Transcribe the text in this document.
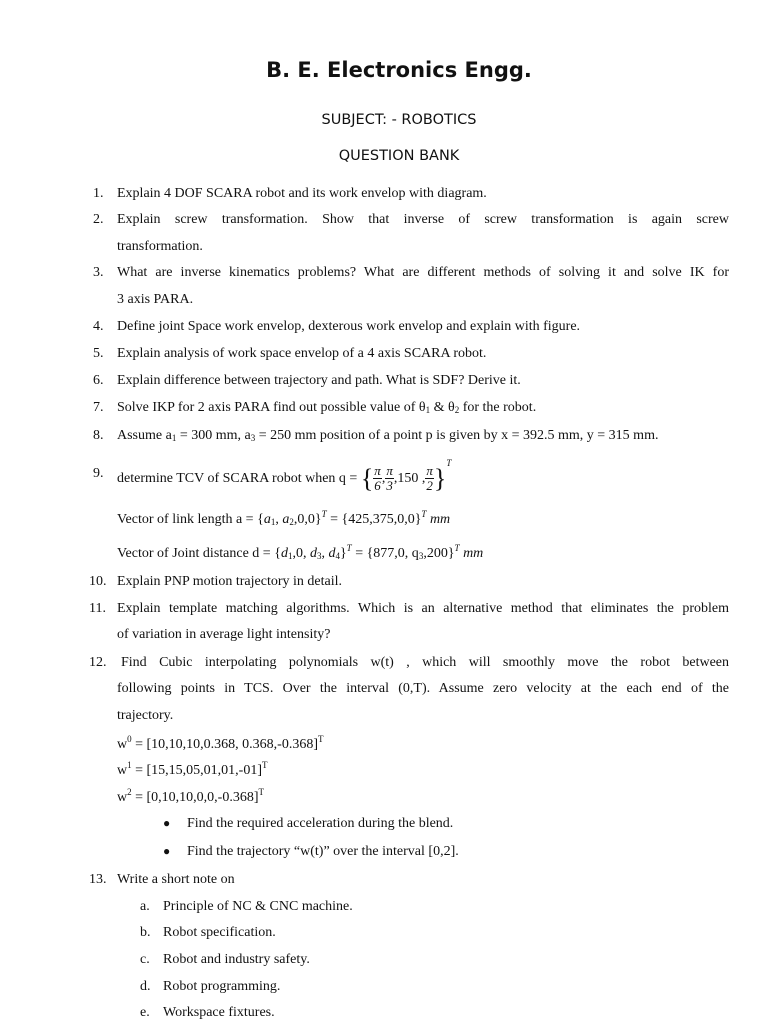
B. E. Electronics Engg.
SUBJECT: - ROBOTICS
QUESTION BANK
1. Explain 4 DOF SCARA robot and its work envelop with diagram.
2. Explain screw transformation. Show that inverse of screw transformation is again screw
transformation.
3. What are inverse kinematics problems? What are different methods of solving it and solve IK for
3 axis PARA.
4. Define joint Space work envelop, dexterous work envelop and explain with figure.
5. Explain analysis of work space envelop of a 4 axis SCARA robot.
6. Explain difference between trajectory and path. What is SDF? Derive it.
7. Solve IKP for 2 axis PARA find out possible value of $\theta_1$ & $\theta_2$ for the robot.
8. Assume $a_1 = 300$ mm, $a_3 = 250$ mm position of a point p is given by x = 392.5 mm, y = 315 mm.
9. determine TCV of SCARA robot when q = { $\frac{\pi}{6}$ , $\frac{\pi}{3} ,150$ , $\frac{\pi}{2} \}^T$
Vector of link length $a = \{a_1$, $a_2,0,0\}^T = \{425,375,0,0\}^T$ mm
Vector of Joint distance $d = \{d_1,0$, $d_3$, $d_4\}^T = \{877,0$, $q_3,200\}^T$ mm
10. Explain PNP motion trajectory in detail.
11. Explain template matching algorithms. Which is an alternative method that eliminates the problem
of variation in average light intensity?
12. Find Cubic interpolating polynomials w(t) , which will smoothly move the robot between
following points in TCS. Over the interval (0,T). Assume zero velocity at the each end of the
trajectory.
$w^0 = [10,10,10,0.368$, 0.368,-0.368]$^T$
$w^1 = [15,15,05,01,01,-01]^T$
$w^2 = [0,10,10,0,0,-0.368]^T$
● Find the required acceleration during the blend.
● Find the trajectory “w(t)” over the interval [0,2].
13. Write a short note on
a. Principle of NC & CNC machine.
b. Robot specification.
c. Robot and industry safety.
d. Robot programming.
e. Workspace fixtures.
